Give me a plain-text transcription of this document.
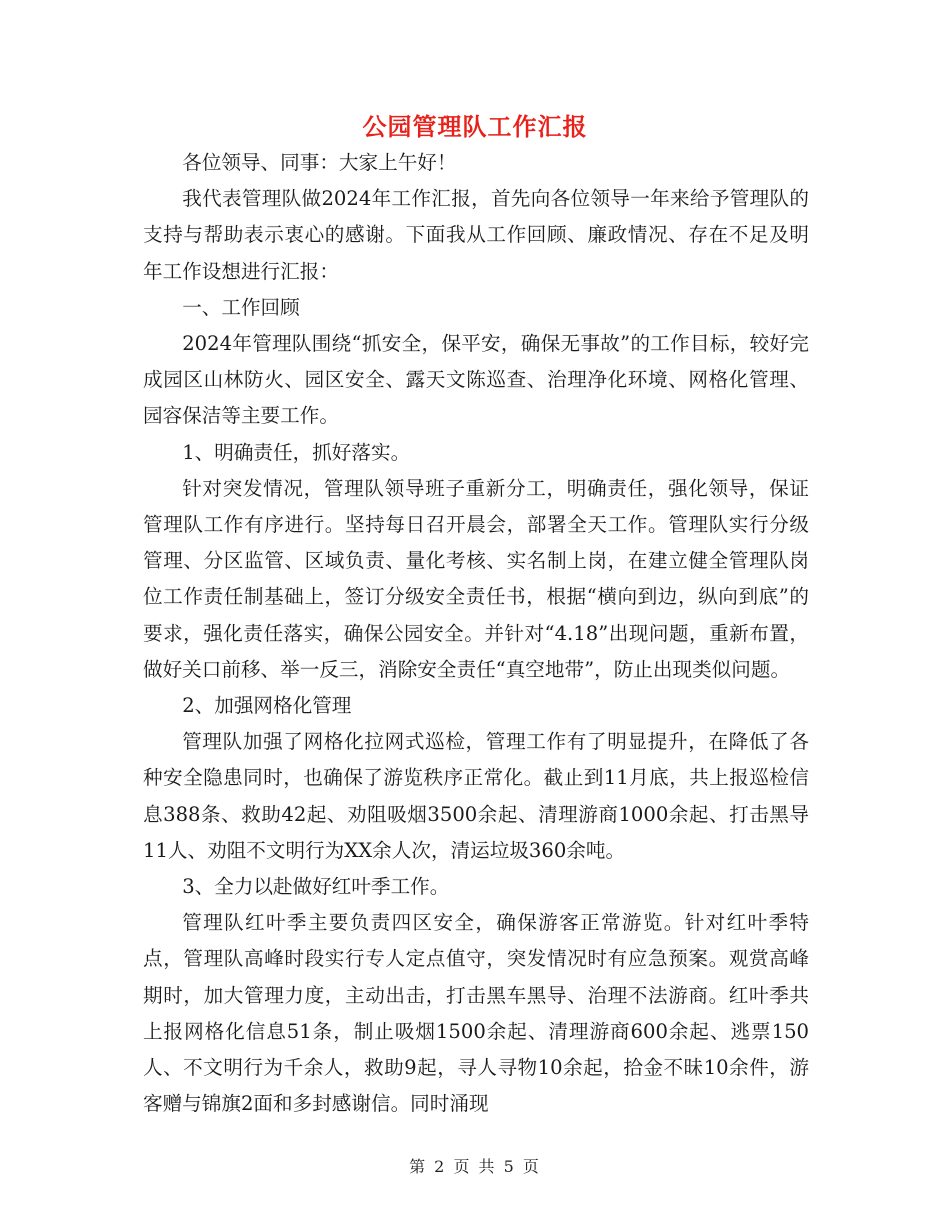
公园管理队工作汇报

各位领导、同事：大家上午好！

我代表管理队做2024年工作汇报，首先向各位领导一年来给予管理队的支持与帮助表示衷心的感谢。下面我从工作回顾、廉政情况、存在不足及明年工作设想进行汇报：

一、工作回顾

2024年管理队围绕“抓安全，保平安，确保无事故”的工作目标，较好完成园区山林防火、园区安全、露天文陈巡查、治理净化环境、网格化管理、园容保洁等主要工作。

1、明确责任，抓好落实。

针对突发情况，管理队领导班子重新分工，明确责任，强化领导，保证管理队工作有序进行。坚持每日召开晨会，部署全天工作。管理队实行分级管理、分区监管、区域负责、量化考核、实名制上岗，在建立健全管理队岗位工作责任制基础上，签订分级安全责任书，根据“横向到边，纵向到底”的要求，强化责任落实，确保公园安全。并针对“4.18”出现问题，重新布置，做好关口前移、举一反三，消除安全责任“真空地带”，防止出现类似问题。

2、加强网格化管理

管理队加强了网格化拉网式巡检，管理工作有了明显提升，在降低了各种安全隐患同时，也确保了游览秩序正常化。截止到11月底，共上报巡检信息388条、救助42起、劝阻吸烟3500余起、清理游商1000余起、打击黑导11人、劝阻不文明行为XX余人次，清运垃圾360余吨。

3、全力以赴做好红叶季工作。

管理队红叶季主要负责四区安全，确保游客正常游览。针对红叶季特点，管理队高峰时段实行专人定点值守，突发情况时有应急预案。观赏高峰期时，加大管理力度，主动出击，打击黑车黑导、治理不法游商。红叶季共上报网格化信息51条，制止吸烟1500余起、清理游商600余起、逃票150人、不文明行为千余人，救助9起，寻人寻物10余起，拾金不昧10余件，游客赠与锦旗2面和多封感谢信。同时涌现

第 2 页 共 5 页
